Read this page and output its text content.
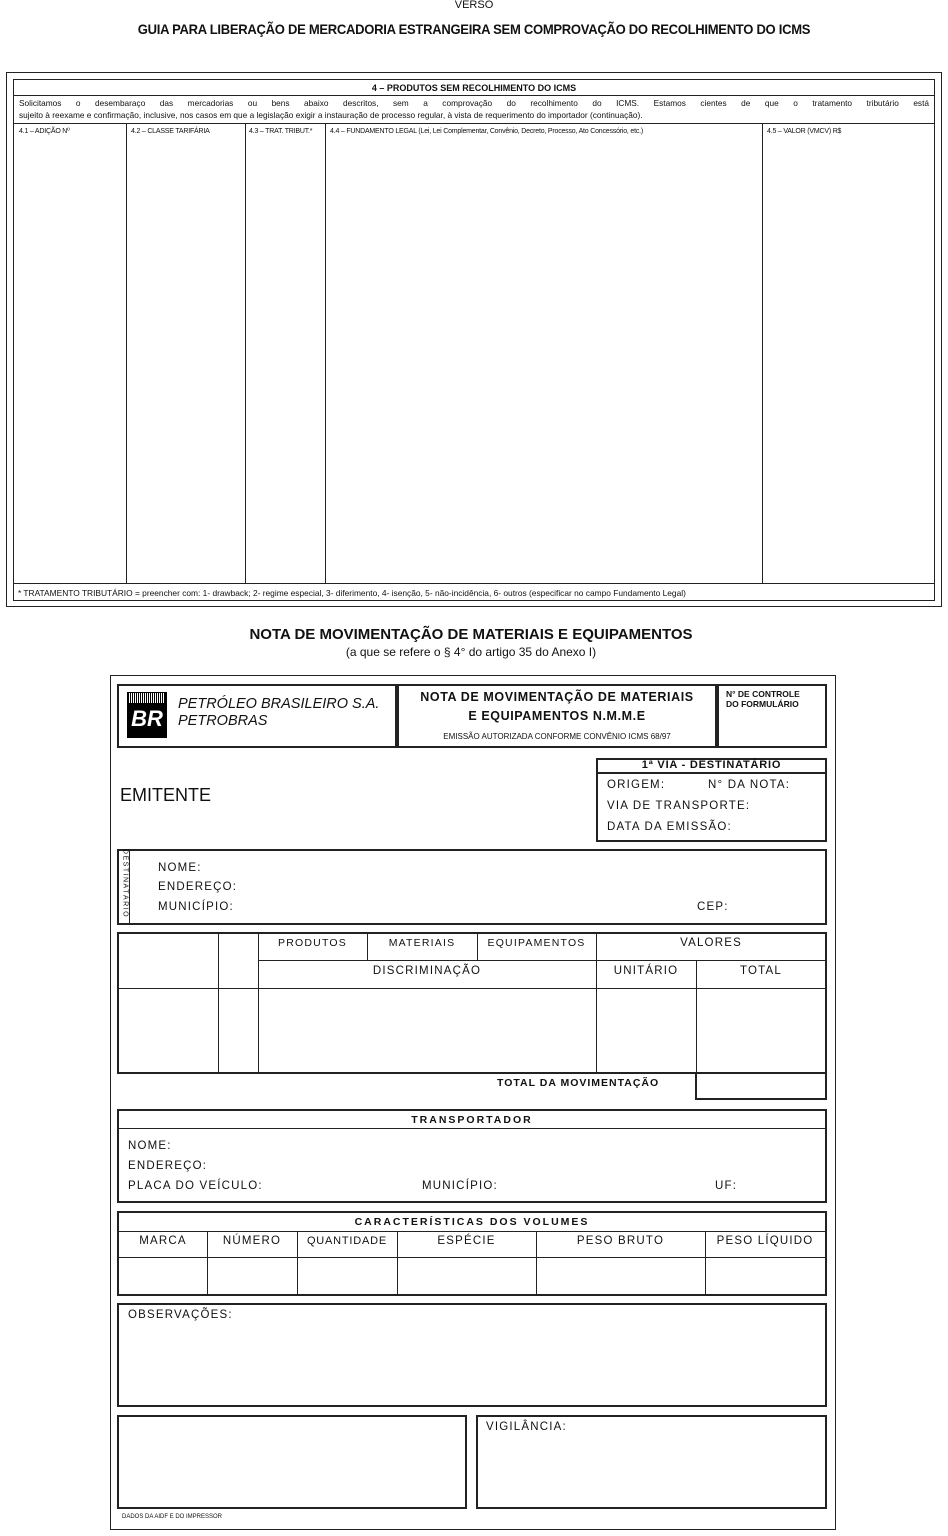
VERSO
GUIA PARA LIBERAÇÃO DE MERCADORIA ESTRANGEIRA SEM COMPROVAÇÃO DO RECOLHIMENTO DO ICMS
4 – PRODUTOS SEM RECOLHIMENTO DO ICMS
Solicitamos o desembaraço das mercadorias ou bens abaixo descritos, sem a comprovação do recolhimento do ICMS. Estamos cientes de que o tratamento tributário está
sujeito à reexame e confirmação, inclusive, nos casos em que a legislação exigir a instauração de processo regular, à vista de requerimento do importador (continuação).
4.1 – ADIÇÃO Nº	4.2 – CLASSE TARIFÁRIA	4.3 – TRAT. TRIBUT.*	4.4 – FUNDAMENTO LEGAL (Lei, Lei Complementar, Convênio, Decreto, Processo, Ato Concessório, etc.)	4.5 – VALOR (VMCV) R$
* TRATAMENTO TRIBUTÁRIO = preencher com: 1- drawback; 2- regime especial, 3- diferimento, 4- isenção, 5- não-incidência, 6- outros (especificar no campo Fundamento Legal)
NOTA DE MOVIMENTAÇÃO DE MATERIAIS E EQUIPAMENTOS
(a que se refere o § 4° do artigo 35 do Anexo I)
BR
PETRÓLEO BRASILEIRO S.A.
PETROBRAS
NOTA DE MOVIMENTAÇÃO DE MATERIAIS
E EQUIPAMENTOS N.M.M.E
EMISSÃO AUTORIZADA CONFORME CONVÊNIO ICMS 68/97
N° DE CONTROLE
DO FORMULÁRIO
EMITENTE
1ª VIA - DESTINATÁRIO
ORIGEM:	N° DA NOTA:
VIA DE TRANSPORTE:
DATA DA EMISSÃO:
DESTINATÁRIO	NOME:
ENDEREÇO:
MUNICÍPIO:	CEP:
PRODUTOS	MATERIAIS	EQUIPAMENTOS	VALORES
DISCRIMINAÇÃO	UNITÁRIO	TOTAL
TOTAL DA MOVIMENTAÇÃO
TRANSPORTADOR
NOME:
ENDEREÇO:
PLACA DO VEÍCULO:	MUNICÍPIO:	UF:
CARACTERÍSTICAS DOS VOLUMES
MARCA	NÚMERO	QUANTIDADE	ESPÉCIE	PESO BRUTO	PESO LÍQUIDO
OBSERVAÇÕES:
VIGILÂNCIA:
DADOS DA AIDF E DO IMPRESSOR
